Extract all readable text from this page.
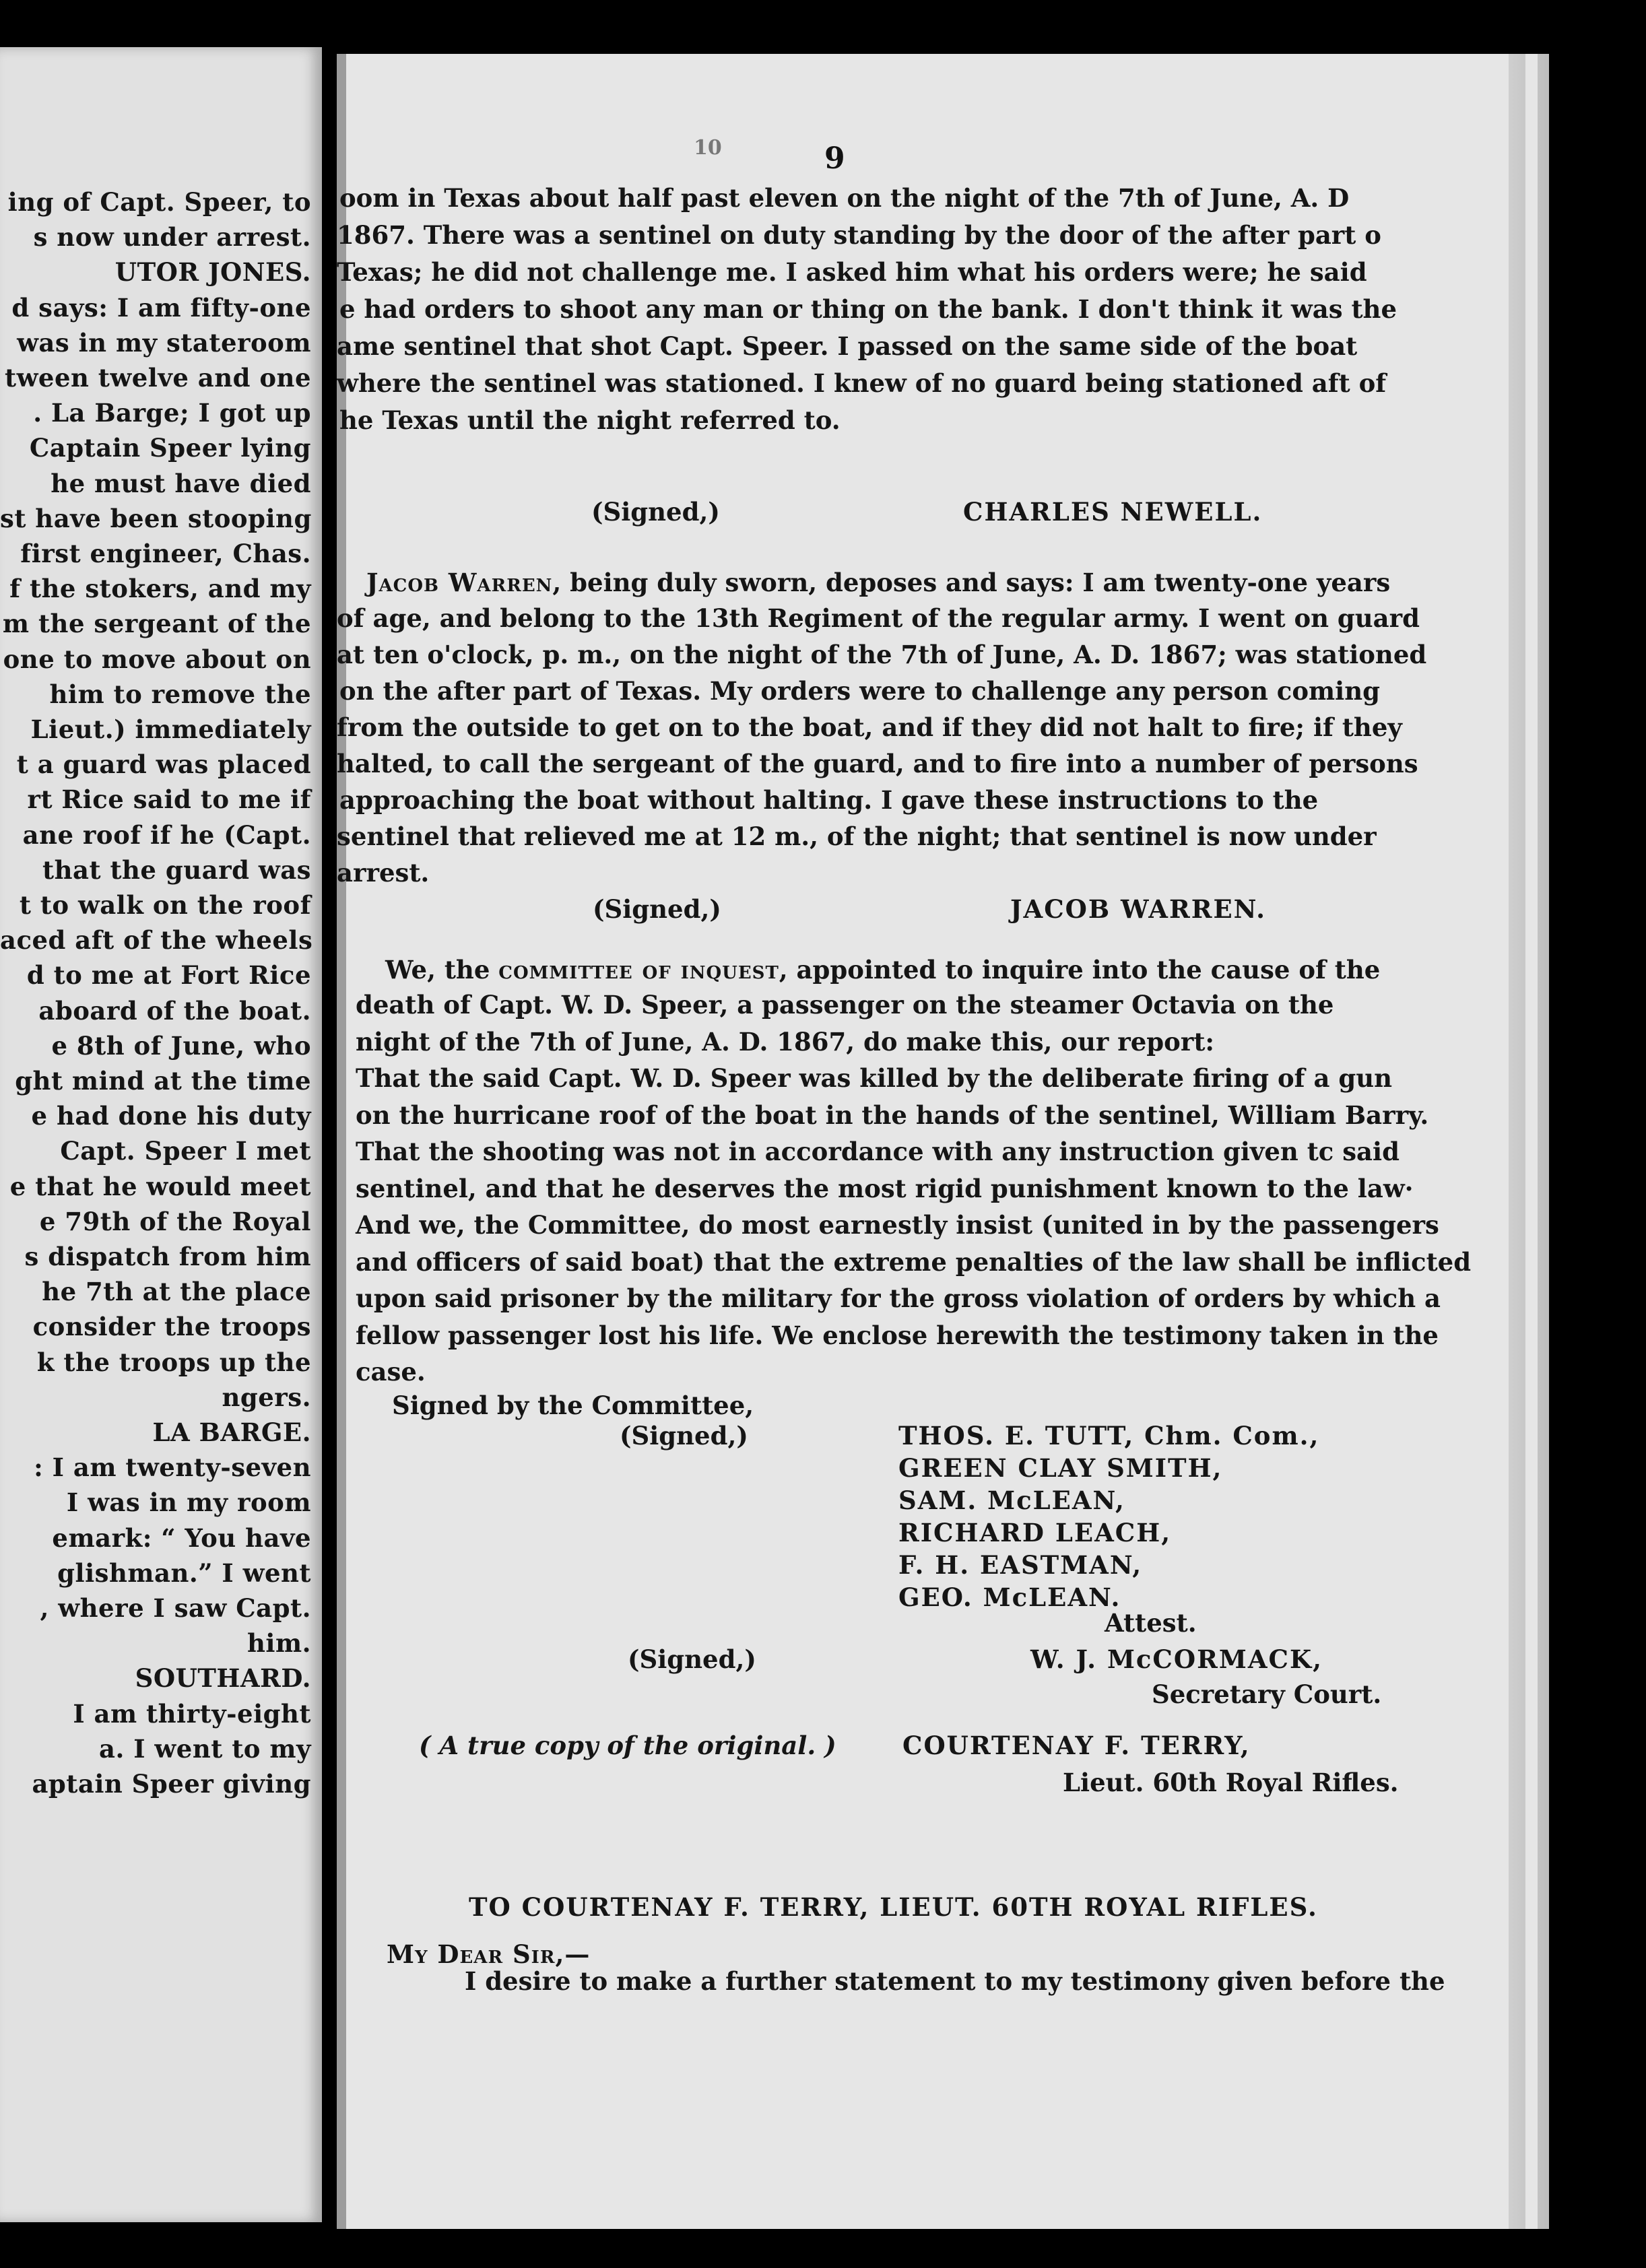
ing of Capt. Speer, to
s now under arrest.
UTOR JONES.
d says: I am fifty-one
was in my stateroom
tween twelve and one
. La Barge; I got up
Captain Speer lying
he must have died
st have been stooping
first engineer, Chas.
f the stokers, and my
m the sergeant of the
one to move about on
him to remove the
Lieut.) immediately
t a guard was placed
rt Rice said to me if
ane roof if he (Capt.
that the guard was
t to walk on the roof
aced aft of the wheels
d to me at Fort Rice
aboard of the boat.
e 8th of June, who
ght mind at the time
e had done his duty
Capt. Speer I met
e that he would meet
e 79th of the Royal
s dispatch from him
he 7th at the place
consider the troops
k the troops up the
ngers.
LA BARGE.
: I am twenty-seven
I was in my room
emark: “ You have
glishman.” I went
, where I saw Capt.
him.
SOUTHARD.
I am thirty-eight
a. I went to my
aptain Speer giving
10	9
oom in Texas about half past eleven on the night of the 7th of June, A. D
1867. There was a sentinel on duty standing by the door of the after part o
Texas; he did not challenge me. I asked him what his orders were; he said
e had orders to shoot any man or thing on the bank. I don't think it was the
ame sentinel that shot Capt. Speer. I passed on the same side of the boat
where the sentinel was stationed. I knew of no guard being stationed aft of
he Texas until the night referred to.
(Signed,)	CHARLES NEWELL.
Jacob Warren, being duly sworn, deposes and says: I am twenty-one years
of age, and belong to the 13th Regiment of the regular army. I went on guard
at ten o'clock, p. m., on the night of the 7th of June, A. D. 1867; was stationed
on the after part of Texas. My orders were to challenge any person coming
from the outside to get on to the boat, and if they did not halt to fire; if they
halted, to call the sergeant of the guard, and to fire into a number of persons
approaching the boat without halting. I gave these instructions to the
sentinel that relieved me at 12 m., of the night; that sentinel is now under
arrest.
(Signed,)	JACOB WARREN.
We, the committee of inquest, appointed to inquire into the cause of the
death of Capt. W. D. Speer, a passenger on the steamer Octavia on the
night of the 7th of June, A. D. 1867, do make this, our report:
That the said Capt. W. D. Speer was killed by the deliberate firing of a gun
on the hurricane roof of the boat in the hands of the sentinel, William Barry.
That the shooting was not in accordance with any instruction given tc said
sentinel, and that he deserves the most rigid punishment known to the law·
And we, the Committee, do most earnestly insist (united in by the passengers
and officers of said boat) that the extreme penalties of the law shall be inflicted
upon said prisoner by the military for the gross violation of orders by which a
fellow passenger lost his life. We enclose herewith the testimony taken in the
case.
Signed by the Committee,
(Signed,)	THOS. E. TUTT, Chm. Com.,
GREEN CLAY SMITH,
SAM. McLEAN,
RICHARD LEACH,
F. H. EASTMAN,
GEO. McLEAN.
Attest.
(Signed,)	W. J. McCORMACK,
Secretary Court.
( A true copy of the original. )	COURTENAY F. TERRY,
Lieut. 60th Royal Rifles.
TO COURTENAY F. TERRY, LIEUT. 60TH ROYAL RIFLES.
My Dear Sir,—
I desire to make a further statement to my testimony given before the
